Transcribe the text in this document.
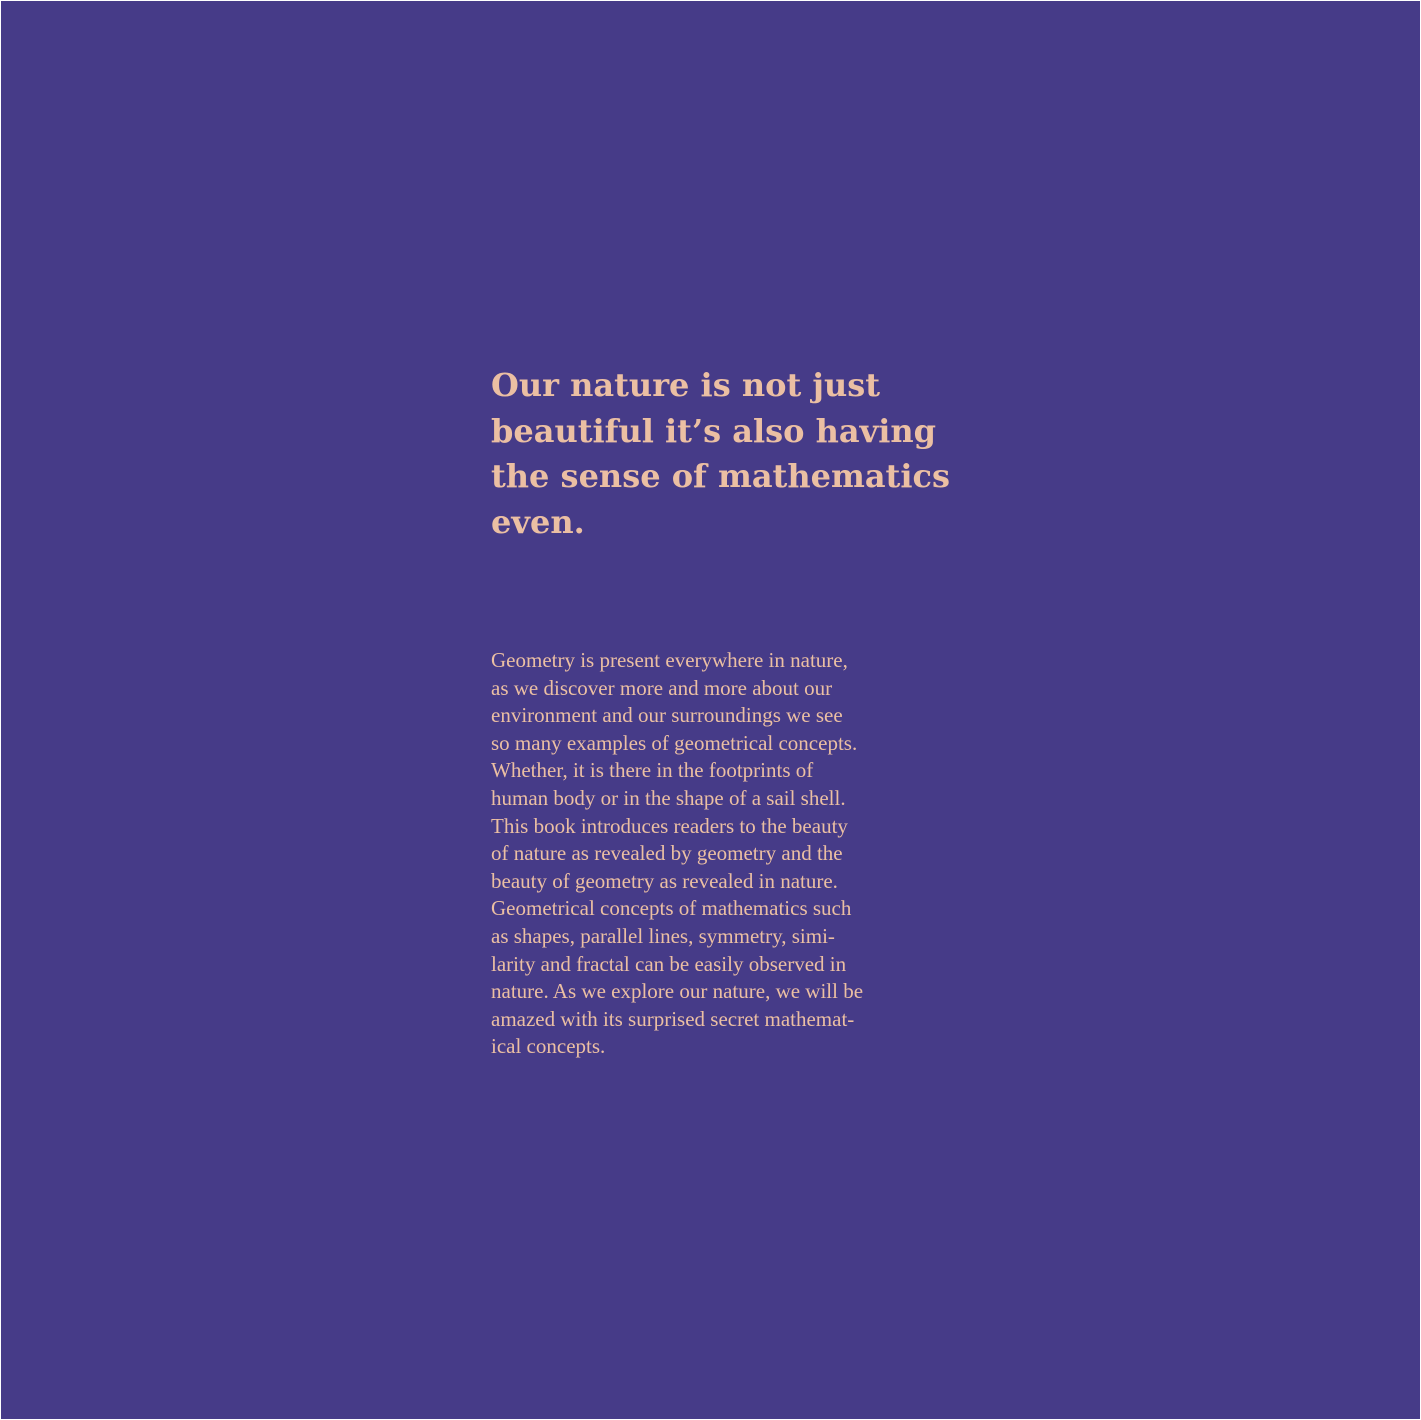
Our nature is not just
beautiful it’s also having
the sense of mathematics
even.

Geometry is present everywhere in nature,
as we discover more and more about our
environment and our surroundings we see
so many examples of geometrical concepts.
Whether, it is there in the footprints of
human body or in the shape of a sail shell.
This book introduces readers to the beauty
of nature as revealed by geometry and the
beauty of geometry as revealed in nature.
Geometrical concepts of mathematics such
as shapes, parallel lines, symmetry, simi-
larity and fractal can be easily observed in
nature. As we explore our nature, we will be
amazed with its surprised secret mathemat-
ical concepts.
